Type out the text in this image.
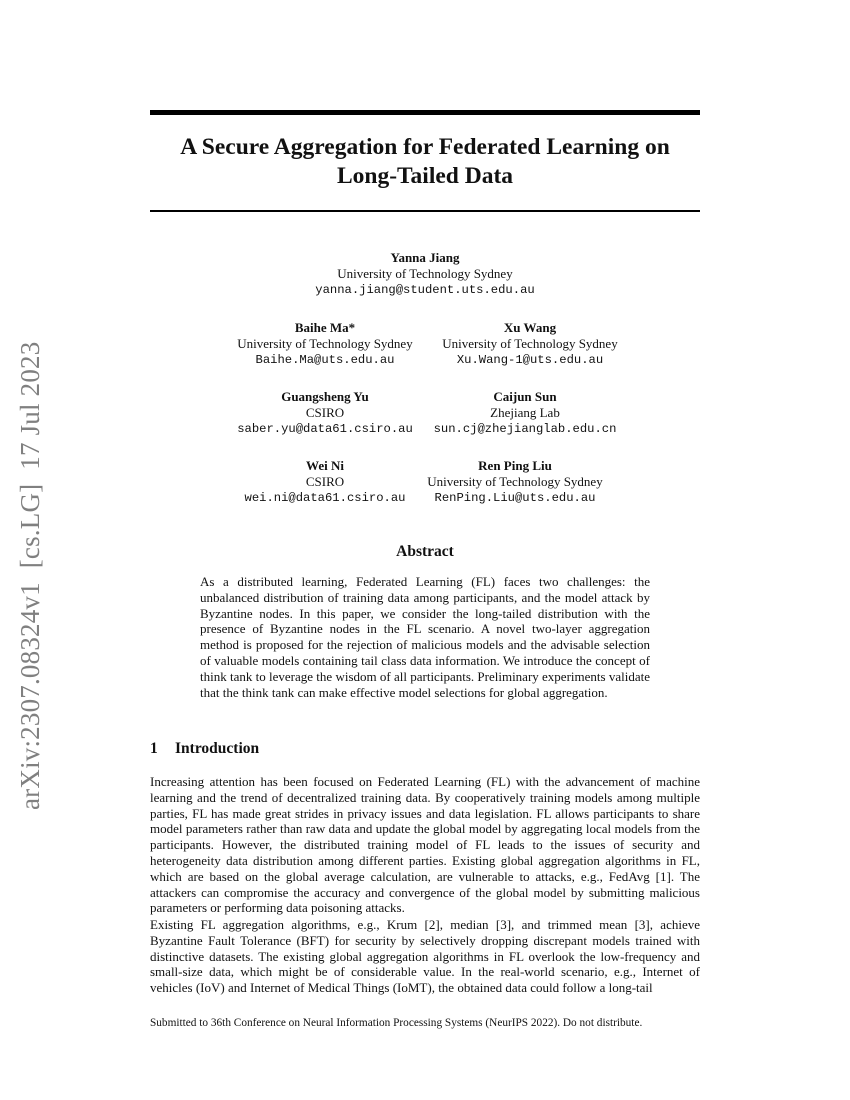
arXiv:2307.08324v1  [cs.LG]  17 Jul 2023
A Secure Aggregation for Federated Learning on
Long-Tailed Data
Yanna Jiang
University of Technology Sydney
yanna.jiang@student.uts.edu.au
Baihe Ma*
University of Technology Sydney
Baihe.Ma@uts.edu.au
Xu Wang
University of Technology Sydney
Xu.Wang-1@uts.edu.au
Guangsheng Yu
CSIRO
saber.yu@data61.csiro.au
Caijun Sun
Zhejiang Lab
sun.cj@zhejianglab.edu.cn
Wei Ni
CSIRO
wei.ni@data61.csiro.au
Ren Ping Liu
University of Technology Sydney
RenPing.Liu@uts.edu.au
Abstract
As a distributed learning, Federated Learning (FL) faces two challenges: the unbalanced distribution of training data among participants, and the model attack by Byzantine nodes. In this paper, we consider the long-tailed distribution with the presence of Byzantine nodes in the FL scenario. A novel two-layer aggregation method is proposed for the rejection of malicious models and the advisable selection of valuable models containing tail class data information. We introduce the concept of think tank to leverage the wisdom of all participants. Preliminary experiments validate that the think tank can make effective model selections for global aggregation.
1 Introduction
Increasing attention has been focused on Federated Learning (FL) with the advancement of machine learning and the trend of decentralized training data. By cooperatively training models among multiple parties, FL has made great strides in privacy issues and data legislation. FL allows participants to share model parameters rather than raw data and update the global model by aggregating local models from the participants. However, the distributed training model of FL leads to the issues of security and heterogeneity data distribution among different parties. Existing global aggregation algorithms in FL, which are based on the global average calculation, are vulnerable to attacks, e.g., FedAvg [1]. The attackers can compromise the accuracy and convergence of the global model by submitting malicious parameters or performing data poisoning attacks.
Existing FL aggregation algorithms, e.g., Krum [2], median [3], and trimmed mean [3], achieve Byzantine Fault Tolerance (BFT) for security by selectively dropping discrepant models trained with distinctive datasets. The existing global aggregation algorithms in FL overlook the low-frequency and small-size data, which might be of considerable value. In the real-world scenario, e.g., Internet of vehicles (IoV) and Internet of Medical Things (IoMT), the obtained data could follow a long-tail
Submitted to 36th Conference on Neural Information Processing Systems (NeurIPS 2022). Do not distribute.
